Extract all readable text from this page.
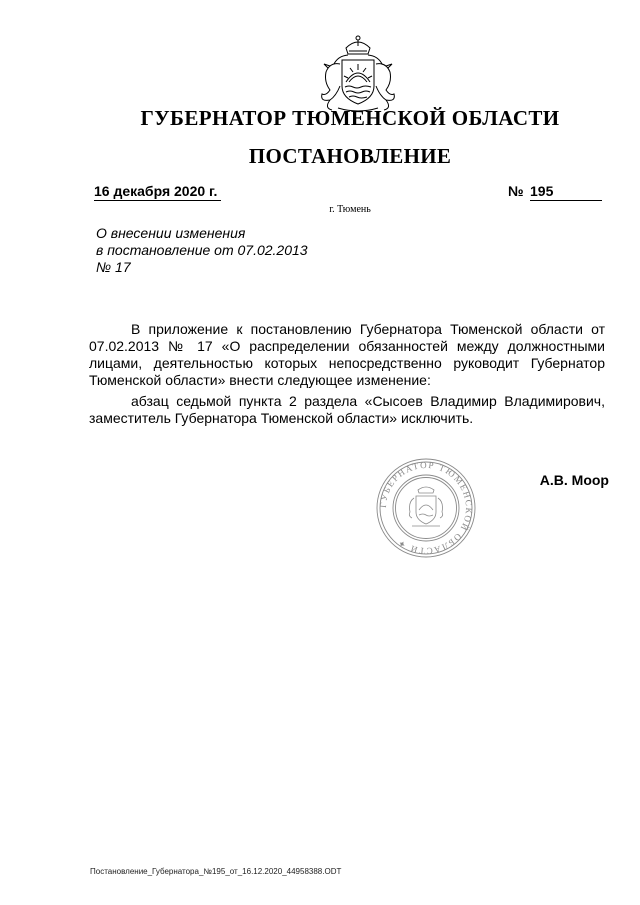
ГУБЕРНАТОР ТЮМЕНСКОЙ ОБЛАСТИ
ПОСТАНОВЛЕНИЕ
16 декабря 2020 г.	№ 195
г. Тюмень
О внесении изменения
в постановление от 07.02.2013
№ 17

В приложение к постановлению Губернатора Тюменской области от 07.02.2013 № 17 «О распределении обязанностей между должностными лицами, деятельностью которых непосредственно руководит Губернатор Тюменской области» внести следующее изменение:

абзац седьмой пункта 2 раздела «Сысоев Владимир Владимирович, заместитель Губернатора Тюменской области» исключить.

ГУБЕРНАТОР ТЮМЕНСКОЙ ОБЛАСТИ ✦
А.В. Моор
Постановление_Губернатора_№195_от_16.12.2020_44958388.ODT
